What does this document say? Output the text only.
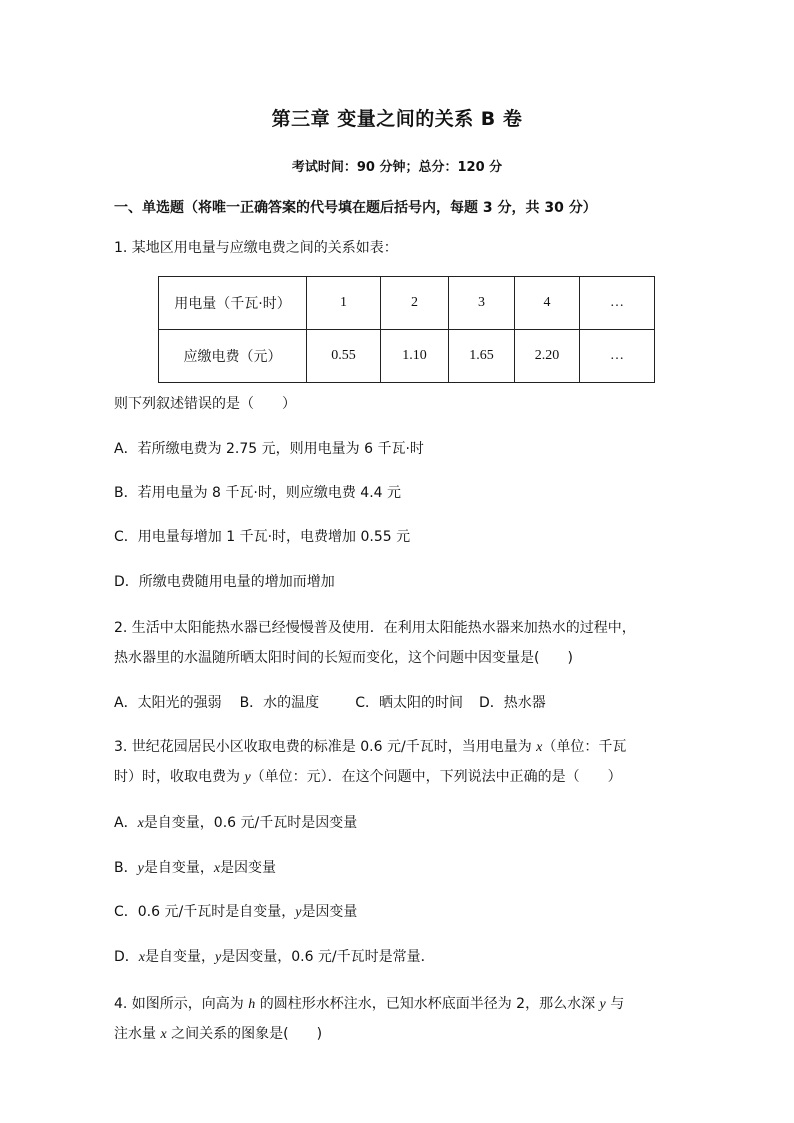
第三章 变量之间的关系 B 卷
考试时间：90 分钟；总分：120 分
一、单选题（将唯一正确答案的代号填在题后括号内，每题 3 分，共 30 分）
1. 某地区用电量与应缴电费之间的关系如表：
用电量（千瓦·时）	1	2	3	4	…
应缴电费（元）	0.55	1.10	1.65	2.20	…
则下列叙述错误的是（　　）
A．若所缴电费为 2.75 元，则用电量为 6 千瓦·时
B．若用电量为 8 千瓦·时，则应缴电费 4.4 元
C．用电量每增加 1 千瓦·时，电费增加 0.55 元
D．所缴电费随用电量的增加而增加
2. 生活中太阳能热水器已经慢慢普及使用．在利用太阳能热水器来加热水的过程中，
热水器里的水温随所晒太阳时间的长短而变化，这个问题中因变量是(　　)
A．太阳光的强弱 B．水的温度	C．晒太阳的时间 D．热水器
3. 世纪花园居民小区收取电费的标准是 0.6 元/千瓦时，当用电量为 x（单位：千瓦
时）时，收取电费为 y（单位：元）．在这个问题中，下列说法中正确的是（　　）
A．x是自变量，0.6 元/千瓦时是因变量
B．y是自变量，x是因变量
C．0.6 元/千瓦时是自变量，y是因变量
D．x是自变量，y是因变量，0.6 元/千瓦时是常量．
4. 如图所示，向高为 h 的圆柱形水杯注水，已知水杯底面半径为 2，那么水深 y 与
注水量 x 之间关系的图象是(　　)
